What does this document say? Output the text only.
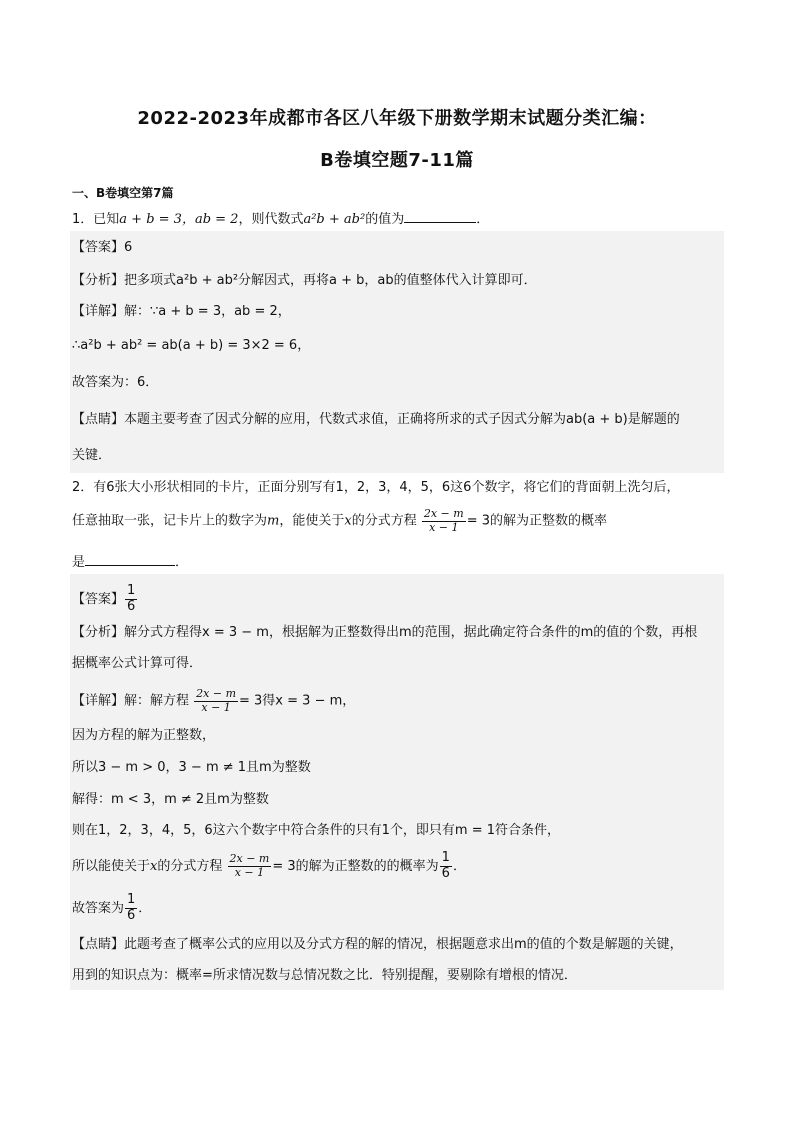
2022-2023年成都市各区八年级下册数学期末试题分类汇编：
B卷填空题7-11篇
一、B卷填空第7篇
1．已知a + b = 3，ab = 2，则代数式a²b + ab²的值为	．
【答案】6
【分析】把多项式a²b + ab²分解因式，再将a + b，ab的值整体代入计算即可．
【详解】解：∵a + b = 3，ab = 2，
∴a²b + ab² = ab(a + b) = 3×2 = 6，
故答案为：6．
【点睛】本题主要考查了因式分解的应用，代数式求值，正确将所求的式子因式分解为ab(a + b)是解题的
关键．
2．有6张大小形状相同的卡片，正面分别写有1，2，3，4，5，6这6个数字，将它们的背面朝上洗匀后，
任意抽取一张，记卡片上的数字为m，能使关于x的分式方程 $\frac{2x - m}{x - 1} = 3$的解为正整数的概率
是	．
【答案】 $\frac{1}{6}$
【分析】解分式方程得x = 3 − m，根据解为正整数得出m的范围，据此确定符合条件的m的值的个数，再根
据概率公式计算可得．
【详解】解：解方程 $\frac{2x - m}{x - 1} = 3$得x = 3 − m，
因为方程的解为正整数，
所以3 − m > 0，3 − m ≠ 1且m为整数
解得：m < 3，m ≠ 2且m为整数
则在1，2，3，4，5，6这六个数字中符合条件的只有1个，即只有m = 1符合条件，
所以能使关于x的分式方程 $\frac{2x - m}{x - 1} = 3$的解为正整数的的概率为 $\frac{1}{6}$ ．
故答案为 $\frac{1}{6}$ ．
【点睛】此题考查了概率公式的应用以及分式方程的解的情况，根据题意求出m的值的个数是解题的关键，
用到的知识点为：概率=所求情况数与总情况数之比．特别提醒，要剔除有增根的情况．
